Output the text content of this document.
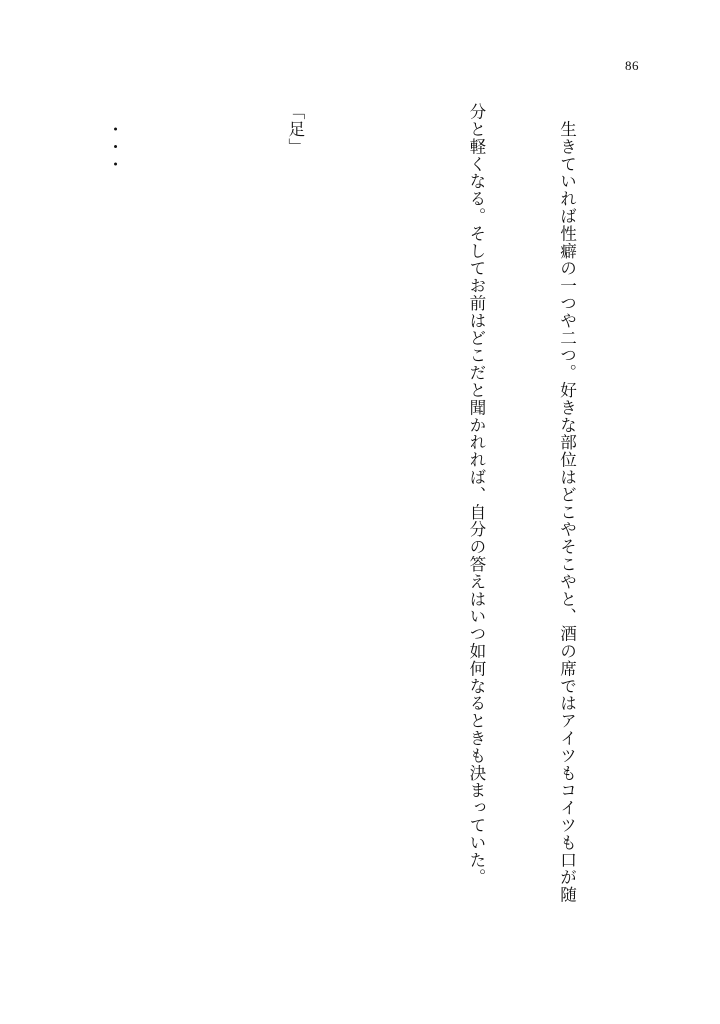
86

　生きていれば性癖の一つや二つ。好きな部位はどこやそこやと、酒の席ではアイツもコイツも口が随

分と軽くなる。そしてお前はどこだと聞かれれば、自分の答えはいつ如何なるときも決まっていた。

「足」

　・・・
